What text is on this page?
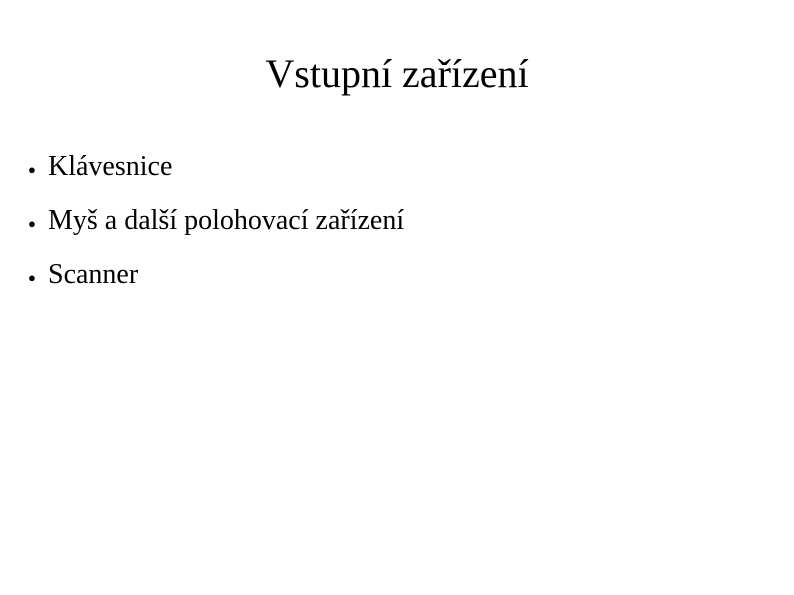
Vstupní zařízení
● Klávesnice
● Myš a další polohovací zařízení
● Scanner
